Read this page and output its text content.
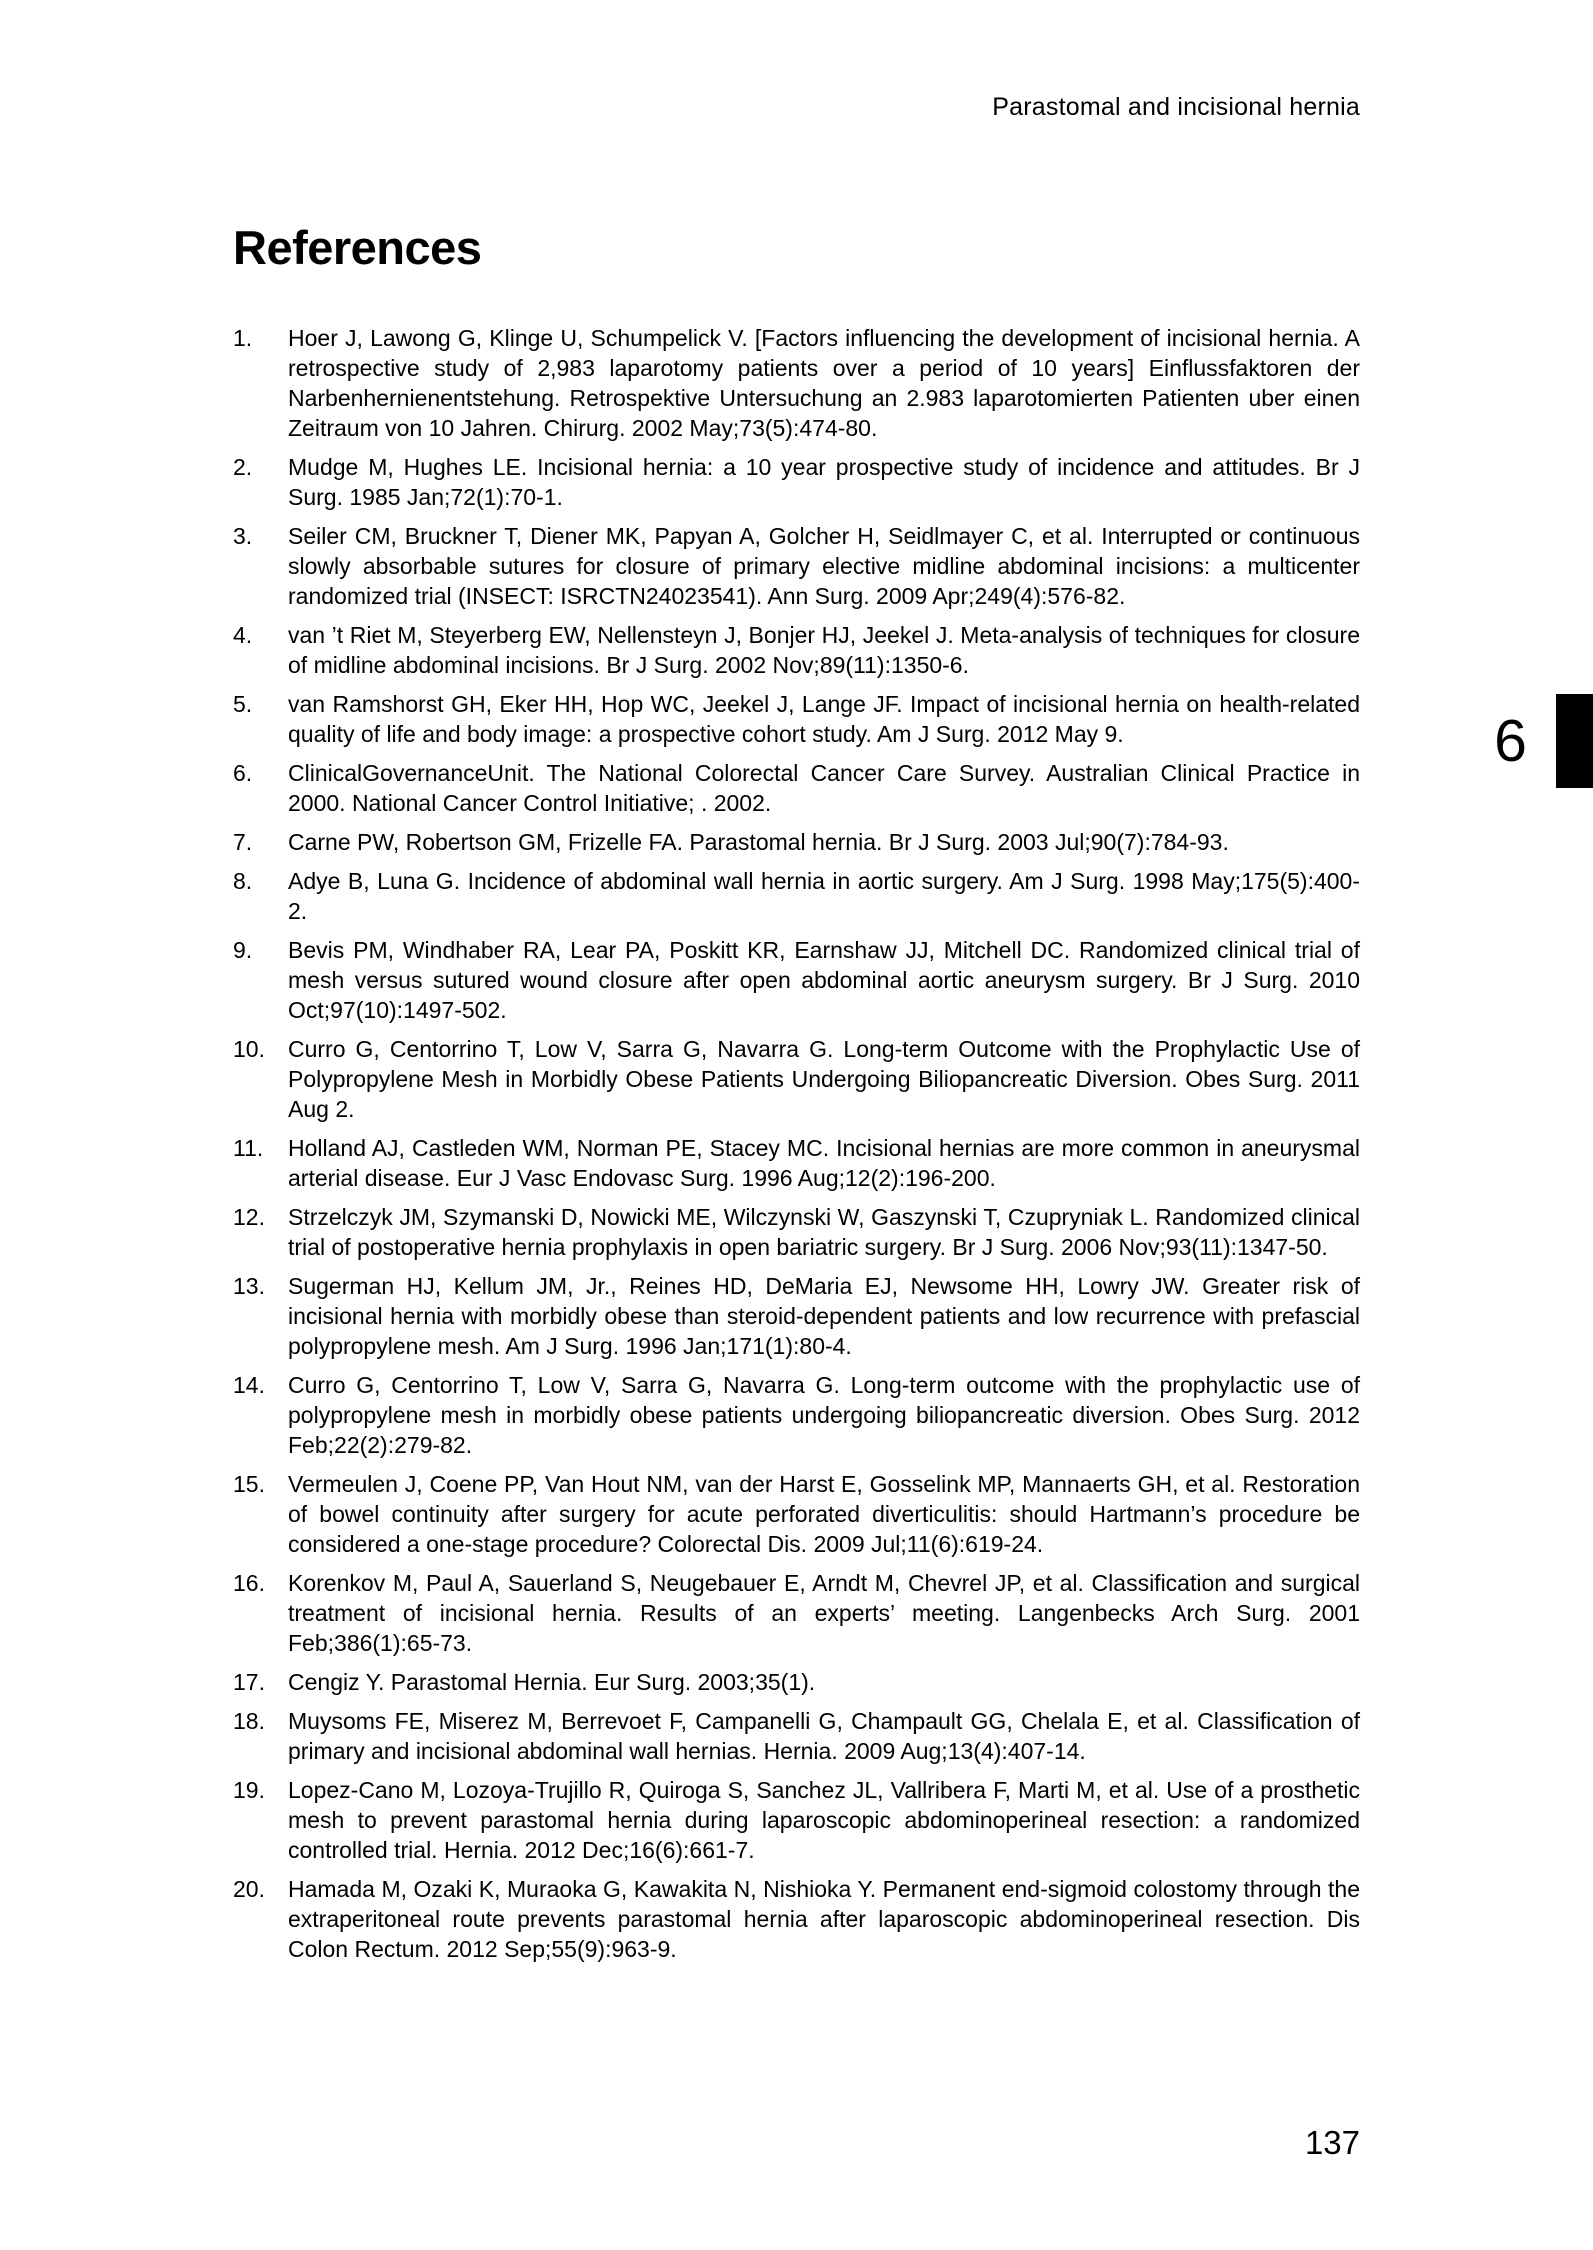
Parastomal and incisional hernia
References
1.	Hoer J, Lawong G, Klinge U, Schumpelick V. [Factors influencing the development of incisional hernia. A retrospective study of 2,983 laparotomy patients over a period of 10 years] Einflussfaktoren der Narbenhernienentstehung. Retrospektive Untersuchung an 2.983 laparotomierten Patienten uber einen Zeitraum von 10 Jahren. Chirurg. 2002 May;73(5):474-80.
2.	Mudge M, Hughes LE. Incisional hernia: a 10 year prospective study of incidence and attitudes. Br J Surg. 1985 Jan;72(1):70-1.
3.	Seiler CM, Bruckner T, Diener MK, Papyan A, Golcher H, Seidlmayer C, et al. Interrupted or continuous slowly absorbable sutures for closure of primary elective midline abdominal incisions: a multicenter randomized trial (INSECT: ISRCTN24023541). Ann Surg. 2009 Apr;249(4):576-82.
4.	van ’t Riet M, Steyerberg EW, Nellensteyn J, Bonjer HJ, Jeekel J. Meta-analysis of techniques for closure of midline abdominal incisions. Br J Surg. 2002 Nov;89(11):1350-6.
5.	van Ramshorst GH, Eker HH, Hop WC, Jeekel J, Lange JF. Impact of incisional hernia on health-related quality of life and body image: a prospective cohort study. Am J Surg. 2012 May 9.
6.	ClinicalGovernanceUnit. The National Colorectal Cancer Care Survey. Australian Clinical Practice in 2000. National Cancer Control Initiative; . 2002.
7.	Carne PW, Robertson GM, Frizelle FA. Parastomal hernia. Br J Surg. 2003 Jul;90(7):784-93.
8.	Adye B, Luna G. Incidence of abdominal wall hernia in aortic surgery. Am J Surg. 1998 May;175(5):400-2.
9.	Bevis PM, Windhaber RA, Lear PA, Poskitt KR, Earnshaw JJ, Mitchell DC. Randomized clinical trial of mesh versus sutured wound closure after open abdominal aortic aneurysm surgery. Br J Surg. 2010 Oct;97(10):1497-502.
10.	Curro G, Centorrino T, Low V, Sarra G, Navarra G. Long-term Outcome with the Prophylactic Use of Polypropylene Mesh in Morbidly Obese Patients Undergoing Biliopancreatic Diversion. Obes Surg. 2011 Aug 2.
11.	Holland AJ, Castleden WM, Norman PE, Stacey MC. Incisional hernias are more common in aneurysmal arterial disease. Eur J Vasc Endovasc Surg. 1996 Aug;12(2):196-200.
12.	Strzelczyk JM, Szymanski D, Nowicki ME, Wilczynski W, Gaszynski T, Czupryniak L. Randomized clinical trial of postoperative hernia prophylaxis in open bariatric surgery. Br J Surg. 2006 Nov;93(11):1347-50.
13.	Sugerman HJ, Kellum JM, Jr., Reines HD, DeMaria EJ, Newsome HH, Lowry JW. Greater risk of incisional hernia with morbidly obese than steroid-dependent patients and low recurrence with prefascial polypropylene mesh. Am J Surg. 1996 Jan;171(1):80-4.
14.	Curro G, Centorrino T, Low V, Sarra G, Navarra G. Long-term outcome with the prophylactic use of polypropylene mesh in morbidly obese patients undergoing biliopancreatic diversion. Obes Surg. 2012 Feb;22(2):279-82.
15.	Vermeulen J, Coene PP, Van Hout NM, van der Harst E, Gosselink MP, Mannaerts GH, et al. Restoration of bowel continuity after surgery for acute perforated diverticulitis: should Hartmann’s procedure be considered a one-stage procedure? Colorectal Dis. 2009 Jul;11(6):619-24.
16.	Korenkov M, Paul A, Sauerland S, Neugebauer E, Arndt M, Chevrel JP, et al. Classification and surgical treatment of incisional hernia. Results of an experts’ meeting. Langenbecks Arch Surg. 2001 Feb;386(1):65-73.
17.	Cengiz Y. Parastomal Hernia. Eur Surg. 2003;35(1).
18.	Muysoms FE, Miserez M, Berrevoet F, Campanelli G, Champault GG, Chelala E, et al. Classification of primary and incisional abdominal wall hernias. Hernia. 2009 Aug;13(4):407-14.
19.	Lopez-Cano M, Lozoya-Trujillo R, Quiroga S, Sanchez JL, Vallribera F, Marti M, et al. Use of a prosthetic mesh to prevent parastomal hernia during laparoscopic abdominoperineal resection: a randomized controlled trial. Hernia. 2012 Dec;16(6):661-7.
20.	Hamada M, Ozaki K, Muraoka G, Kawakita N, Nishioka Y. Permanent end-sigmoid colostomy through the extraperitoneal route prevents parastomal hernia after laparoscopic abdominoperineal resection. Dis Colon Rectum. 2012 Sep;55(9):963-9.
6
137
